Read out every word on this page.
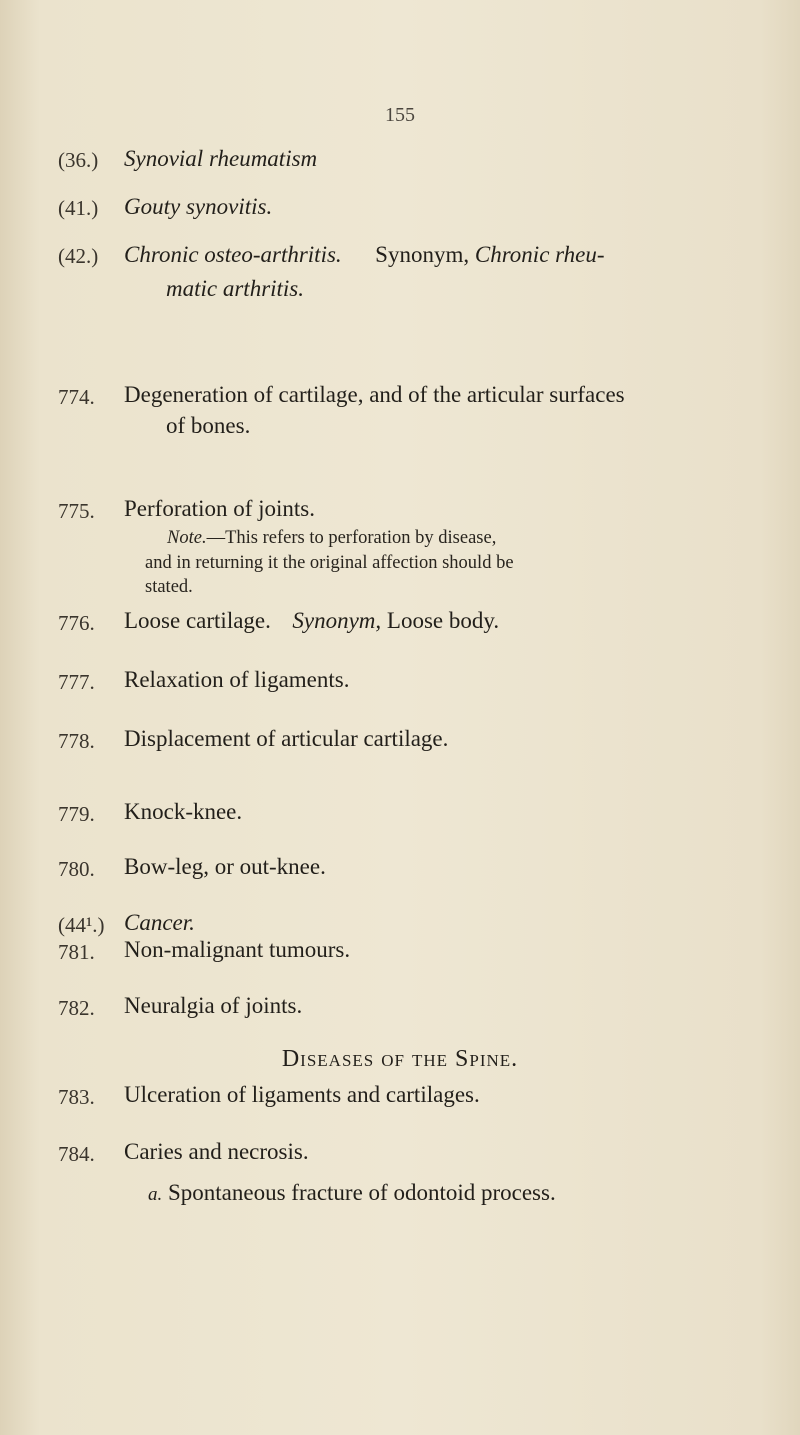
155
(36.) Synovial rheumatism
(41.) Gouty synovitis.
(42.) Chronic osteo-arthritis. Synonym, Chronic rheu-
matic arthritis.
774. Degeneration of cartilage, and of the articular surfaces
of bones.
775. Perforation of joints.
Note.—This refers to perforation by disease,
and in returning it the original affection should be
stated.
776. Loose cartilage. Synonym, Loose body.
777. Relaxation of ligaments.
778. Displacement of articular cartilage.
779. Knock-knee.
780. Bow-leg, or out-knee.
(44¹.) Cancer.
781. Non-malignant tumours.
782. Neuralgia of joints.
Diseases of the Spine.
783. Ulceration of ligaments and cartilages.
784. Caries and necrosis.
a. Spontaneous fracture of odontoid process.
